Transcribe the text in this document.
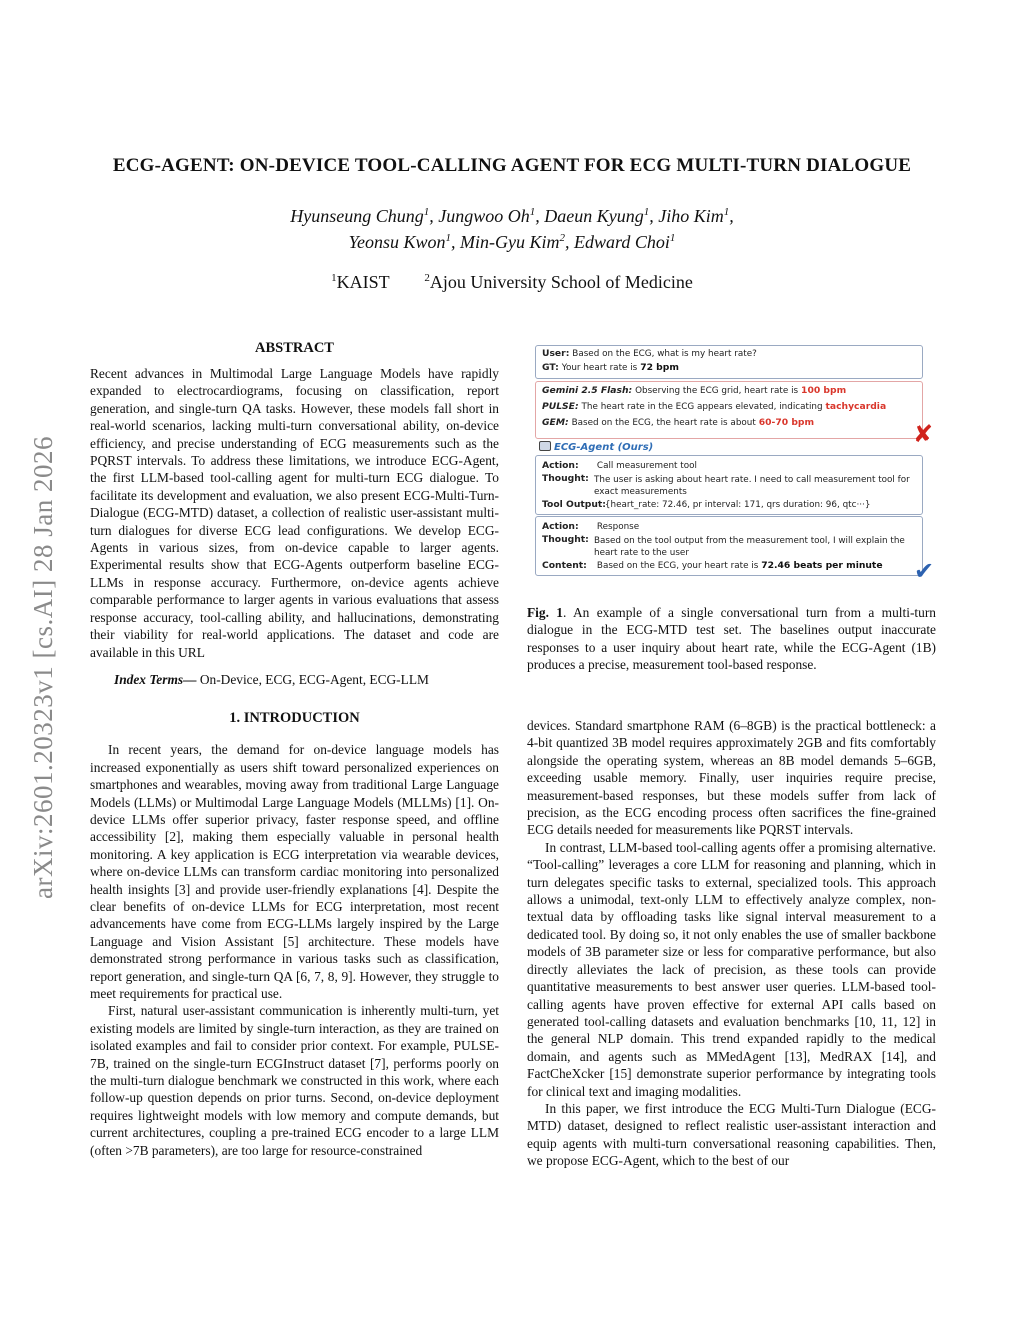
arXiv:2601.20323v1 [cs.AI] 28 Jan 2026
ECG-AGENT: ON-DEVICE TOOL-CALLING AGENT FOR ECG MULTI-TURN DIALOGUE
Hyunseung Chung$^1$, Jungwoo Oh$^1$, Daeun Kyung$^1$, Jiho Kim$^1$,
Yeonsu Kwon$^1$, Min-Gyu Kim$^2$, Edward Choi$^1$
$^1$KAIST	$^2$Ajou University School of Medicine
ABSTRACT

Recent advances in Multimodal Large Language Models have rapidly expanded to electrocardiograms, focusing on classification, report generation, and single-turn QA tasks. However, these models fall short in real-world scenarios, lacking multi-turn conversational ability, on-device efficiency, and precise understanding of ECG measurements such as the PQRST intervals. To address these limitations, we introduce ECG-Agent, the first LLM-based tool-calling agent for multi-turn ECG dialogue. To facilitate its development and evaluation, we also present ECG-Multi-Turn-Dialogue (ECG-MTD) dataset, a collection of realistic user-assistant multi-turn dialogues for diverse ECG lead configurations. We develop ECG-Agents in various sizes, from on-device capable to larger agents. Experimental results show that ECG-Agents outperform baseline ECG-LLMs in response accuracy. Furthermore, on-device agents achieve comparable performance to larger agents in various evaluations that assess response accuracy, tool-calling ability, and hallucinations, demonstrating their viability for real-world applications. The dataset and code are available in this URL

Index Terms— On-Device, ECG, ECG-Agent, ECG-LLM
1. INTRODUCTION

In recent years, the demand for on-device language models has increased exponentially as users shift toward personalized experiences on smartphones and wearables, moving away from traditional Large Language Models (LLMs) or Multimodal Large Language Models (MLLMs) [1]. On-device LLMs offer superior privacy, faster response speed, and offline accessibility [2], making them especially valuable in personal health monitoring. A key application is ECG interpretation via wearable devices, where on-device LLMs can transform cardiac monitoring into personalized health insights [3] and provide user-friendly explanations [4]. Despite the clear benefits of on-device LLMs for ECG interpretation, most recent advancements have come from ECG-LLMs largely inspired by the Large Language and Vision Assistant [5] architecture. These models have demonstrated strong performance in various tasks such as classification, report generation, and single-turn QA [6, 7, 8, 9]. However, they struggle to meet requirements for practical use.

First, natural user-assistant communication is inherently multi-turn, yet existing models are limited by single-turn interaction, as they are trained on isolated examples and fail to consider prior context. For example, PULSE-7B, trained on the single-turn ECGInstruct dataset [7], performs poorly on the multi-turn dialogue benchmark we constructed in this work, where each follow-up question depends on prior turns. Second, on-device deployment requires lightweight models with low memory and compute demands, but current architectures, coupling a pre-trained ECG encoder to a large LLM (often >7B parameters), are too large for resource-constrained

User: Based on the ECG, what is my heart rate?
GT: Your heart rate is 72 bpm
Gemini 2.5 Flash: Observing the ECG grid, heart rate is 100 bpm
PULSE: The heart rate in the ECG appears elevated, indicating tachycardia
GEM: Based on the ECG, the heart rate is about 60-70 bpm	✘
ECG-Agent (Ours)
Action: Call measurement tool
Thought: The user is asking about heart rate. I need to call measurement tool for exact measurements
Tool Output: {heart_rate: 72.46, pr interval: 171, qrs duration: 96, qtc···}
Action: Response
Thought: Based on the tool output from the measurement tool, I will explain the heart rate to the user
Content: Based on the ECG, your heart rate is 72.46 beats per minute ✔
Fig. 1. An example of a single conversational turn from a multi-turn dialogue in the ECG-MTD test set. The baselines output inaccurate responses to a user inquiry about heart rate, while the ECG-Agent (1B) produces a precise, measurement tool-based response.

devices. Standard smartphone RAM (6–8GB) is the practical bottleneck: a 4-bit quantized 3B model requires approximately 2GB and fits comfortably alongside the operating system, whereas an 8B model demands 5–6GB, exceeding usable memory. Finally, user inquiries require precise, measurement-based responses, but these models suffer from lack of precision, as the ECG encoding process often sacrifices the fine-grained ECG details needed for measurements like PQRST intervals.

In contrast, LLM-based tool-calling agents offer a promising alternative. “Tool-calling” leverages a core LLM for reasoning and planning, which in turn delegates specific tasks to external, specialized tools. This approach allows a unimodal, text-only LLM to effectively analyze complex, non-textual data by offloading tasks like signal interval measurement to a dedicated tool. By doing so, it not only enables the use of smaller backbone models of 3B parameter size or less for comparative performance, but also directly alleviates the lack of precision, as these tools can provide quantitative measurements to best answer user queries. LLM-based tool-calling agents have proven effective for external API calls based on generated tool-calling datasets and evaluation benchmarks [10, 11, 12] in the general NLP domain. This trend expanded rapidly to the medical domain, and agents such as MMedAgent [13], MedRAX [14], and FactCheXcker [15] demonstrate superior performance by integrating tools for clinical text and imaging modalities.

In this paper, we first introduce the ECG Multi-Turn Dialogue (ECG-MTD) dataset, designed to reflect realistic user-assistant interaction and equip agents with multi-turn conversational reasoning capabilities. Then, we propose ECG-Agent, which to the best of our
